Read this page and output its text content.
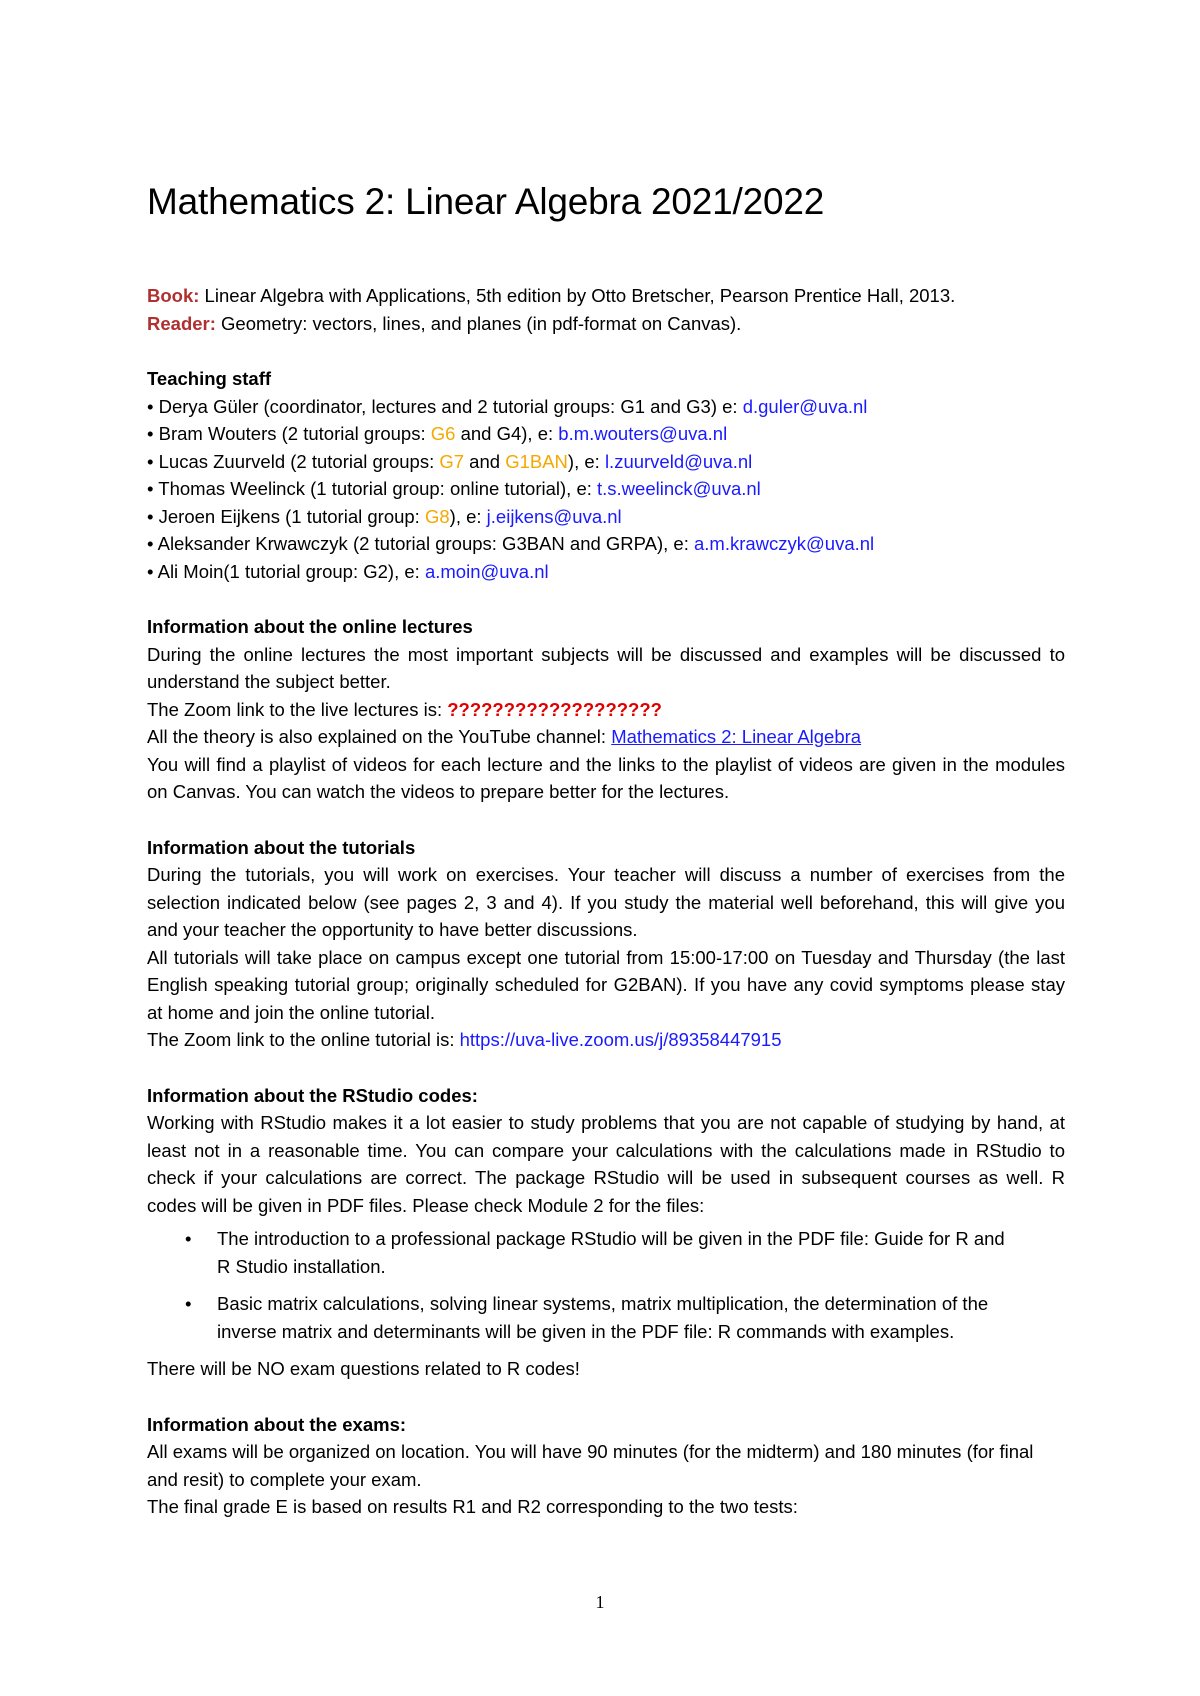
Mathematics 2: Linear Algebra 2021/2022

Book: Linear Algebra with Applications, 5th edition by Otto Bretscher, Pearson Prentice Hall, 2013.

Reader: Geometry: vectors, lines, and planes (in pdf-format on Canvas).

Teaching staff

• Derya Güler (coordinator, lectures and 2 tutorial groups: G1 and G3) e: d.guler@uva.nl

• Bram Wouters (2 tutorial groups: G6 and G4), e: b.m.wouters@uva.nl

• Lucas Zuurveld (2 tutorial groups: G7 and G1BAN), e: l.zuurveld@uva.nl

• Thomas Weelinck (1 tutorial group: online tutorial), e: t.s.weelinck@uva.nl

• Jeroen Eijkens (1 tutorial group: G8), e: j.eijkens@uva.nl

• Aleksander Krwawczyk (2 tutorial groups: G3BAN and GRPA), e: a.m.krawczyk@uva.nl

• Ali Moin(1 tutorial group: G2), e: a.moin@uva.nl

Information about the online lectures

During the online lectures the most important subjects will be discussed and examples will be discussed to understand the subject better.

The Zoom link to the live lectures is: ???????????????????

All the theory is also explained on the YouTube channel: Mathematics 2: Linear Algebra

You will find a playlist of videos for each lecture and the links to the playlist of videos are given in the modules on Canvas. You can watch the videos to prepare better for the lectures.

Information about the tutorials

During the tutorials, you will work on exercises. Your teacher will discuss a number of exercises from the selection indicated below (see pages 2, 3 and 4). If you study the material well beforehand, this will give you and your teacher the opportunity to have better discussions.

All tutorials will take place on campus except one tutorial from 15:00-17:00 on Tuesday and Thursday (the last English speaking tutorial group; originally scheduled for G2BAN). If you have any covid symptoms please stay at home and join the online tutorial.

The Zoom link to the online tutorial is: https://uva-live.zoom.us/j/89358447915

Information about the RStudio codes:

Working with RStudio makes it a lot easier to study problems that you are not capable of studying by hand, at least not in a reasonable time. You can compare your calculations with the calculations made in RStudio to check if your calculations are correct. The package RStudio will be used in subsequent courses as well. R codes will be given in PDF files. Please check Module 2 for the files:

• The introduction to a professional package RStudio will be given in the PDF file: Guide for R and R Studio installation.
• Basic matrix calculations, solving linear systems, matrix multiplication, the determination of the inverse matrix and determinants will be given in the PDF file: R commands with examples.

There will be NO exam questions related to R codes!

Information about the exams:

All exams will be organized on location. You will have 90 minutes (for the midterm) and 180 minutes (for final and resit) to complete your exam.

The final grade E is based on results R1 and R2 corresponding to the two tests:

1
